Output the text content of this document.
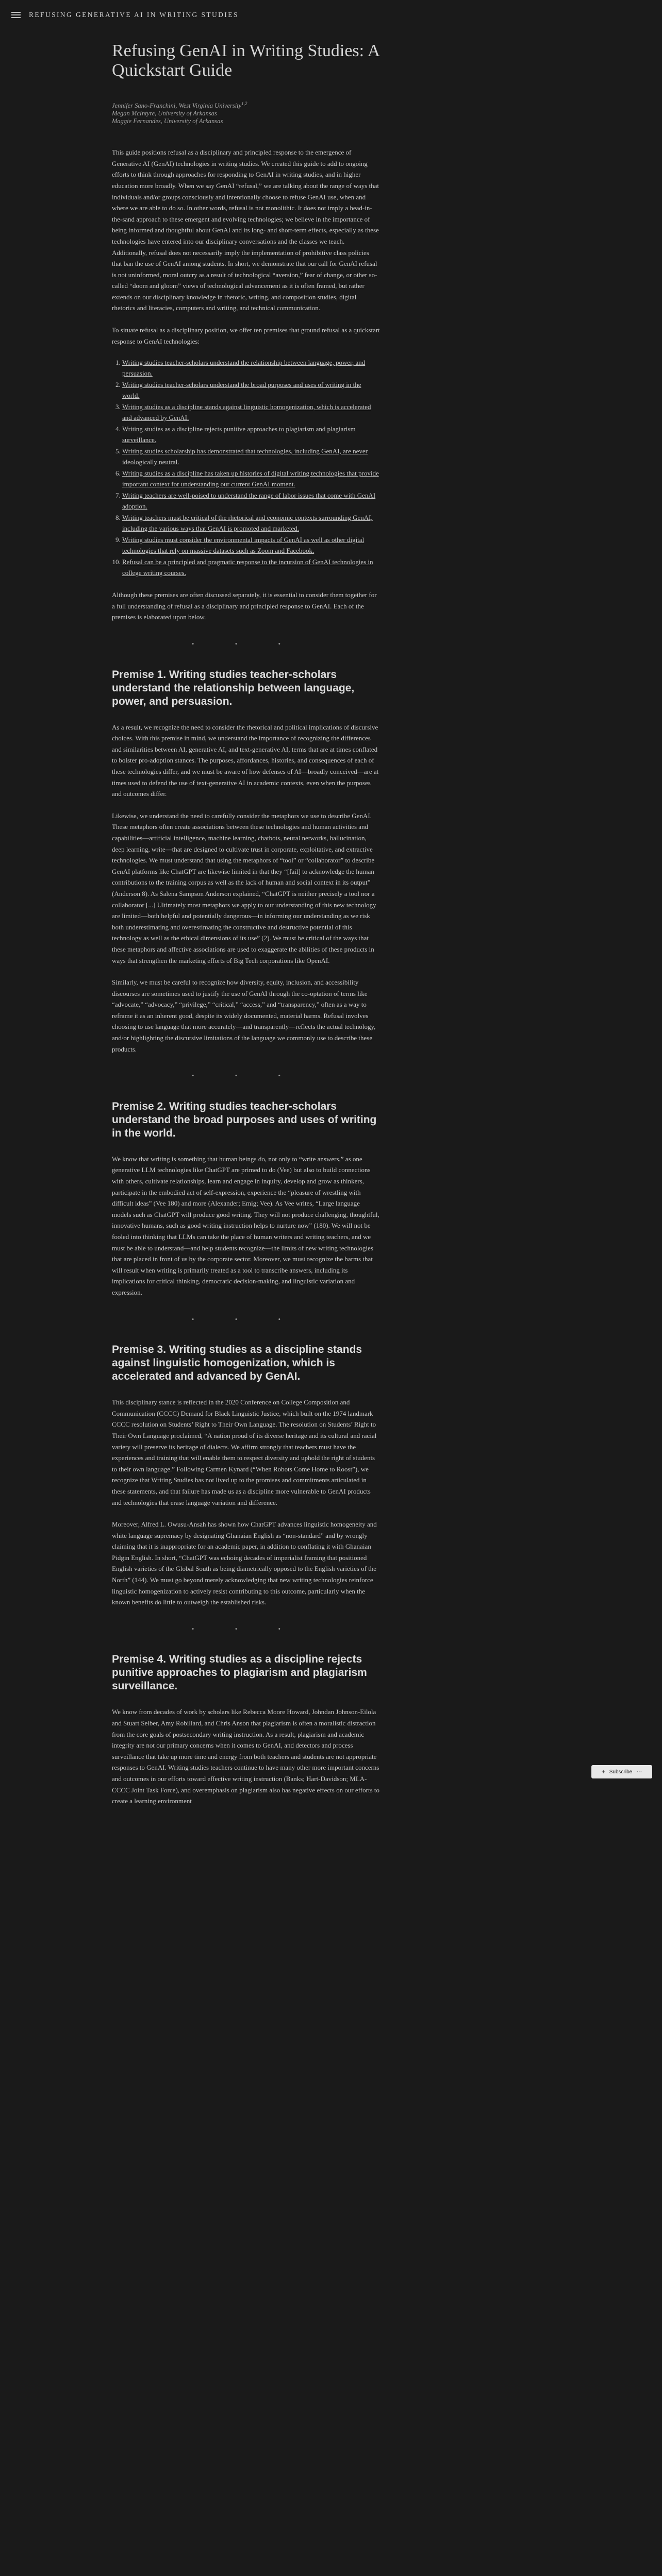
REFUSING GENERATIVE AI IN WRITING STUDIES
Refusing GenAI in Writing Studies: A Quickstart Guide
Jennifer Sano-Franchini, West Virginia University$^{1,2}$
Megan McIntyre, University of Arkansas
Maggie Fernandes, University of Arkansas

This guide positions refusal as a disciplinary and principled response to the emergence of Generative AI (GenAI) technologies in writing studies. We created this guide to add to ongoing efforts to think through approaches for responding to GenAI in writing studies, and in higher education more broadly. When we say GenAI “refusal,” we are talking about the range of ways that individuals and/or groups consciously and intentionally choose to refuse GenAI use, when and where we are able to do so. In other words, refusal is not monolithic. It does not imply a head-in-the-sand approach to these emergent and evolving technologies; we believe in the importance of being informed and thoughtful about GenAI and its long- and short-term effects, especially as these technologies have entered into our disciplinary conversations and the classes we teach. Additionally, refusal does not necessarily imply the implementation of prohibitive class policies that ban the use of GenAI among students. In short, we demonstrate that our call for GenAI refusal is not uninformed, moral outcry as a result of technological “aversion,” fear of change, or other so-called “doom and gloom” views of technological advancement as it is often framed, but rather extends on our disciplinary knowledge in rhetoric, writing, and composition studies, digital rhetorics and literacies, computers and writing, and technical communication.

To situate refusal as a disciplinary position, we offer ten premises that ground refusal as a quickstart response to GenAI technologies:

1. Writing studies teacher-scholars understand the relationship between language, power, and persuasion.
2. Writing studies teacher-scholars understand the broad purposes and uses of writing in the world.
3. Writing studies as a discipline stands against linguistic homogenization, which is accelerated and advanced by GenAI.
4. Writing studies as a discipline rejects punitive approaches to plagiarism and plagiarism surveillance.
5. Writing studies scholarship has demonstrated that technologies, including GenAI, are never ideologically neutral.
6. Writing studies as a discipline has taken up histories of digital writing technologies that provide important context for understanding our current GenAI moment.
7. Writing teachers are well-poised to understand the range of labor issues that come with GenAI adoption.
8. Writing teachers must be critical of the rhetorical and economic contexts surrounding GenAI, including the various ways that GenAI is promoted and marketed.
9. Writing studies must consider the environmental impacts of GenAI as well as other digital technologies that rely on massive datasets such as Zoom and Facebook.
10. Refusal can be a principled and pragmatic response to the incursion of GenAI technologies in college writing courses.

Although these premises are often discussed separately, it is essential to consider them together for a full understanding of refusal as a disciplinary and principled response to GenAI. Each of the premises is elaborated upon below.

• • •
Premise 1. Writing studies teacher-scholars understand the relationship between language, power, and persuasion.

As a result, we recognize the need to consider the rhetorical and political implications of discursive choices. With this premise in mind, we understand the importance of recognizing the differences and similarities between AI, generative AI, and text-generative AI, terms that are at times conflated to bolster pro-adoption stances. The purposes, affordances, histories, and consequences of each of these technologies differ, and we must be aware of how defenses of AI—broadly conceived—are at times used to defend the use of text-generative AI in academic contexts, even when the purposes and outcomes differ.

Likewise, we understand the need to carefully consider the metaphors we use to describe GenAI. These metaphors often create associations between these technologies and human activities and capabilities—artificial intelligence, machine learning, chatbots, neural networks, hallucination, deep learning, write—that are designed to cultivate trust in corporate, exploitative, and extractive technologies. We must understand that using the metaphors of “tool” or “collaborator” to describe GenAI platforms like ChatGPT are likewise limited in that they “[fail] to acknowledge the human contributions to the training corpus as well as the lack of human and social context in its output” (Anderson 8). As Salena Sampson Anderson explained, “ChatGPT is neither precisely a tool nor a collaborator [...] Ultimately most metaphors we apply to our understanding of this new technology are limited—both helpful and potentially dangerous—in informing our understanding as we risk both underestimating and overestimating the constructive and destructive potential of this technology as well as the ethical dimensions of its use” (2). We must be critical of the ways that these metaphors and affective associations are used to exaggerate the abilities of these products in ways that strengthen the marketing efforts of Big Tech corporations like OpenAI.

Similarly, we must be careful to recognize how diversity, equity, inclusion, and accessibility discourses are sometimes used to justify the use of GenAI through the co-optation of terms like “advocate,” “advocacy,” “privilege,” “critical,” “access,” and “transparency,” often as a way to reframe it as an inherent good, despite its widely documented, material harms. Refusal involves choosing to use language that more accurately—and transparently—reflects the actual technology, and/or highlighting the discursive limitations of the language we commonly use to describe these products.

• • •
Premise 2. Writing studies teacher-scholars understand the broad purposes and uses of writing in the world.

We know that writing is something that human beings do, not only to “write answers,” as one generative LLM technologies like ChatGPT are primed to do (Vee) but also to build connections with others, cultivate relationships, learn and engage in inquiry, develop and grow as thinkers, participate in the embodied act of self-expression, experience the “pleasure of wrestling with difficult ideas” (Vee 180) and more (Alexander; Emig; Vee). As Vee writes, “Large language models such as ChatGPT will produce good writing. They will not produce challenging, thoughtful, innovative humans, such as good writing instruction helps to nurture now” (180). We will not be fooled into thinking that LLMs can take the place of human writers and writing teachers, and we must be able to understand—and help students recognize—the limits of new writing technologies that are placed in front of us by the corporate sector. Moreover, we must recognize the harms that will result when writing is primarily treated as a tool to transcribe answers, including its implications for critical thinking, democratic decision-making, and linguistic variation and expression.

• • •
Premise 3. Writing studies as a discipline stands against linguistic homogenization, which is accelerated and advanced by GenAI.

This disciplinary stance is reflected in the 2020 Conference on College Composition and Communication (CCCC) Demand for Black Linguistic Justice, which built on the 1974 landmark CCCC resolution on Students’ Right to Their Own Language. The resolution on Students’ Right to Their Own Language proclaimed, “A nation proud of its diverse heritage and its cultural and racial variety will preserve its heritage of dialects. We affirm strongly that teachers must have the experiences and training that will enable them to respect diversity and uphold the right of students to their own language.” Following Carmen Kynard (“When Robots Come Home to Roost”), we recognize that Writing Studies has not lived up to the promises and commitments articulated in these statements, and that failure has made us as a discipline more vulnerable to GenAI products and technologies that erase language variation and difference.

Moreover, Alfred L. Owusu-Ansah has shown how ChatGPT advances linguistic homogeneity and white language supremacy by designating Ghanaian English as “non-standard” and by wrongly claiming that it is inappropriate for an academic paper, in addition to conflating it with Ghanaian Pidgin English. In short, “ChatGPT was echoing decades of imperialist framing that positioned English varieties of the Global South as being diametrically opposed to the English varieties of the North” (144). We must go beyond merely acknowledging that new writing technologies reinforce linguistic homogenization to actively resist contributing to this outcome, particularly when the known benefits do little to outweigh the established risks.

• • •
Premise 4. Writing studies as a discipline rejects punitive approaches to plagiarism and plagiarism surveillance.

We know from decades of work by scholars like Rebecca Moore Howard, Johndan Johnson-Eilola and Stuart Selber, Amy Robillard, and Chris Anson that plagiarism is often a moralistic distraction from the core goals of postsecondary writing instruction. As a result, plagiarism and academic integrity are not our primary concerns when it comes to GenAI, and detectors and process surveillance that take up more time and energy from both teachers and students are not appropriate responses to GenAI. Writing studies teachers continue to have many other more important concerns and outcomes in our efforts toward effective writing instruction (Banks; Hart-Davidson; MLA-CCCC Joint Task Force), and overemphasis on plagiarism also has negative effects on our efforts to create a learning environment

+ Subscribe ···
